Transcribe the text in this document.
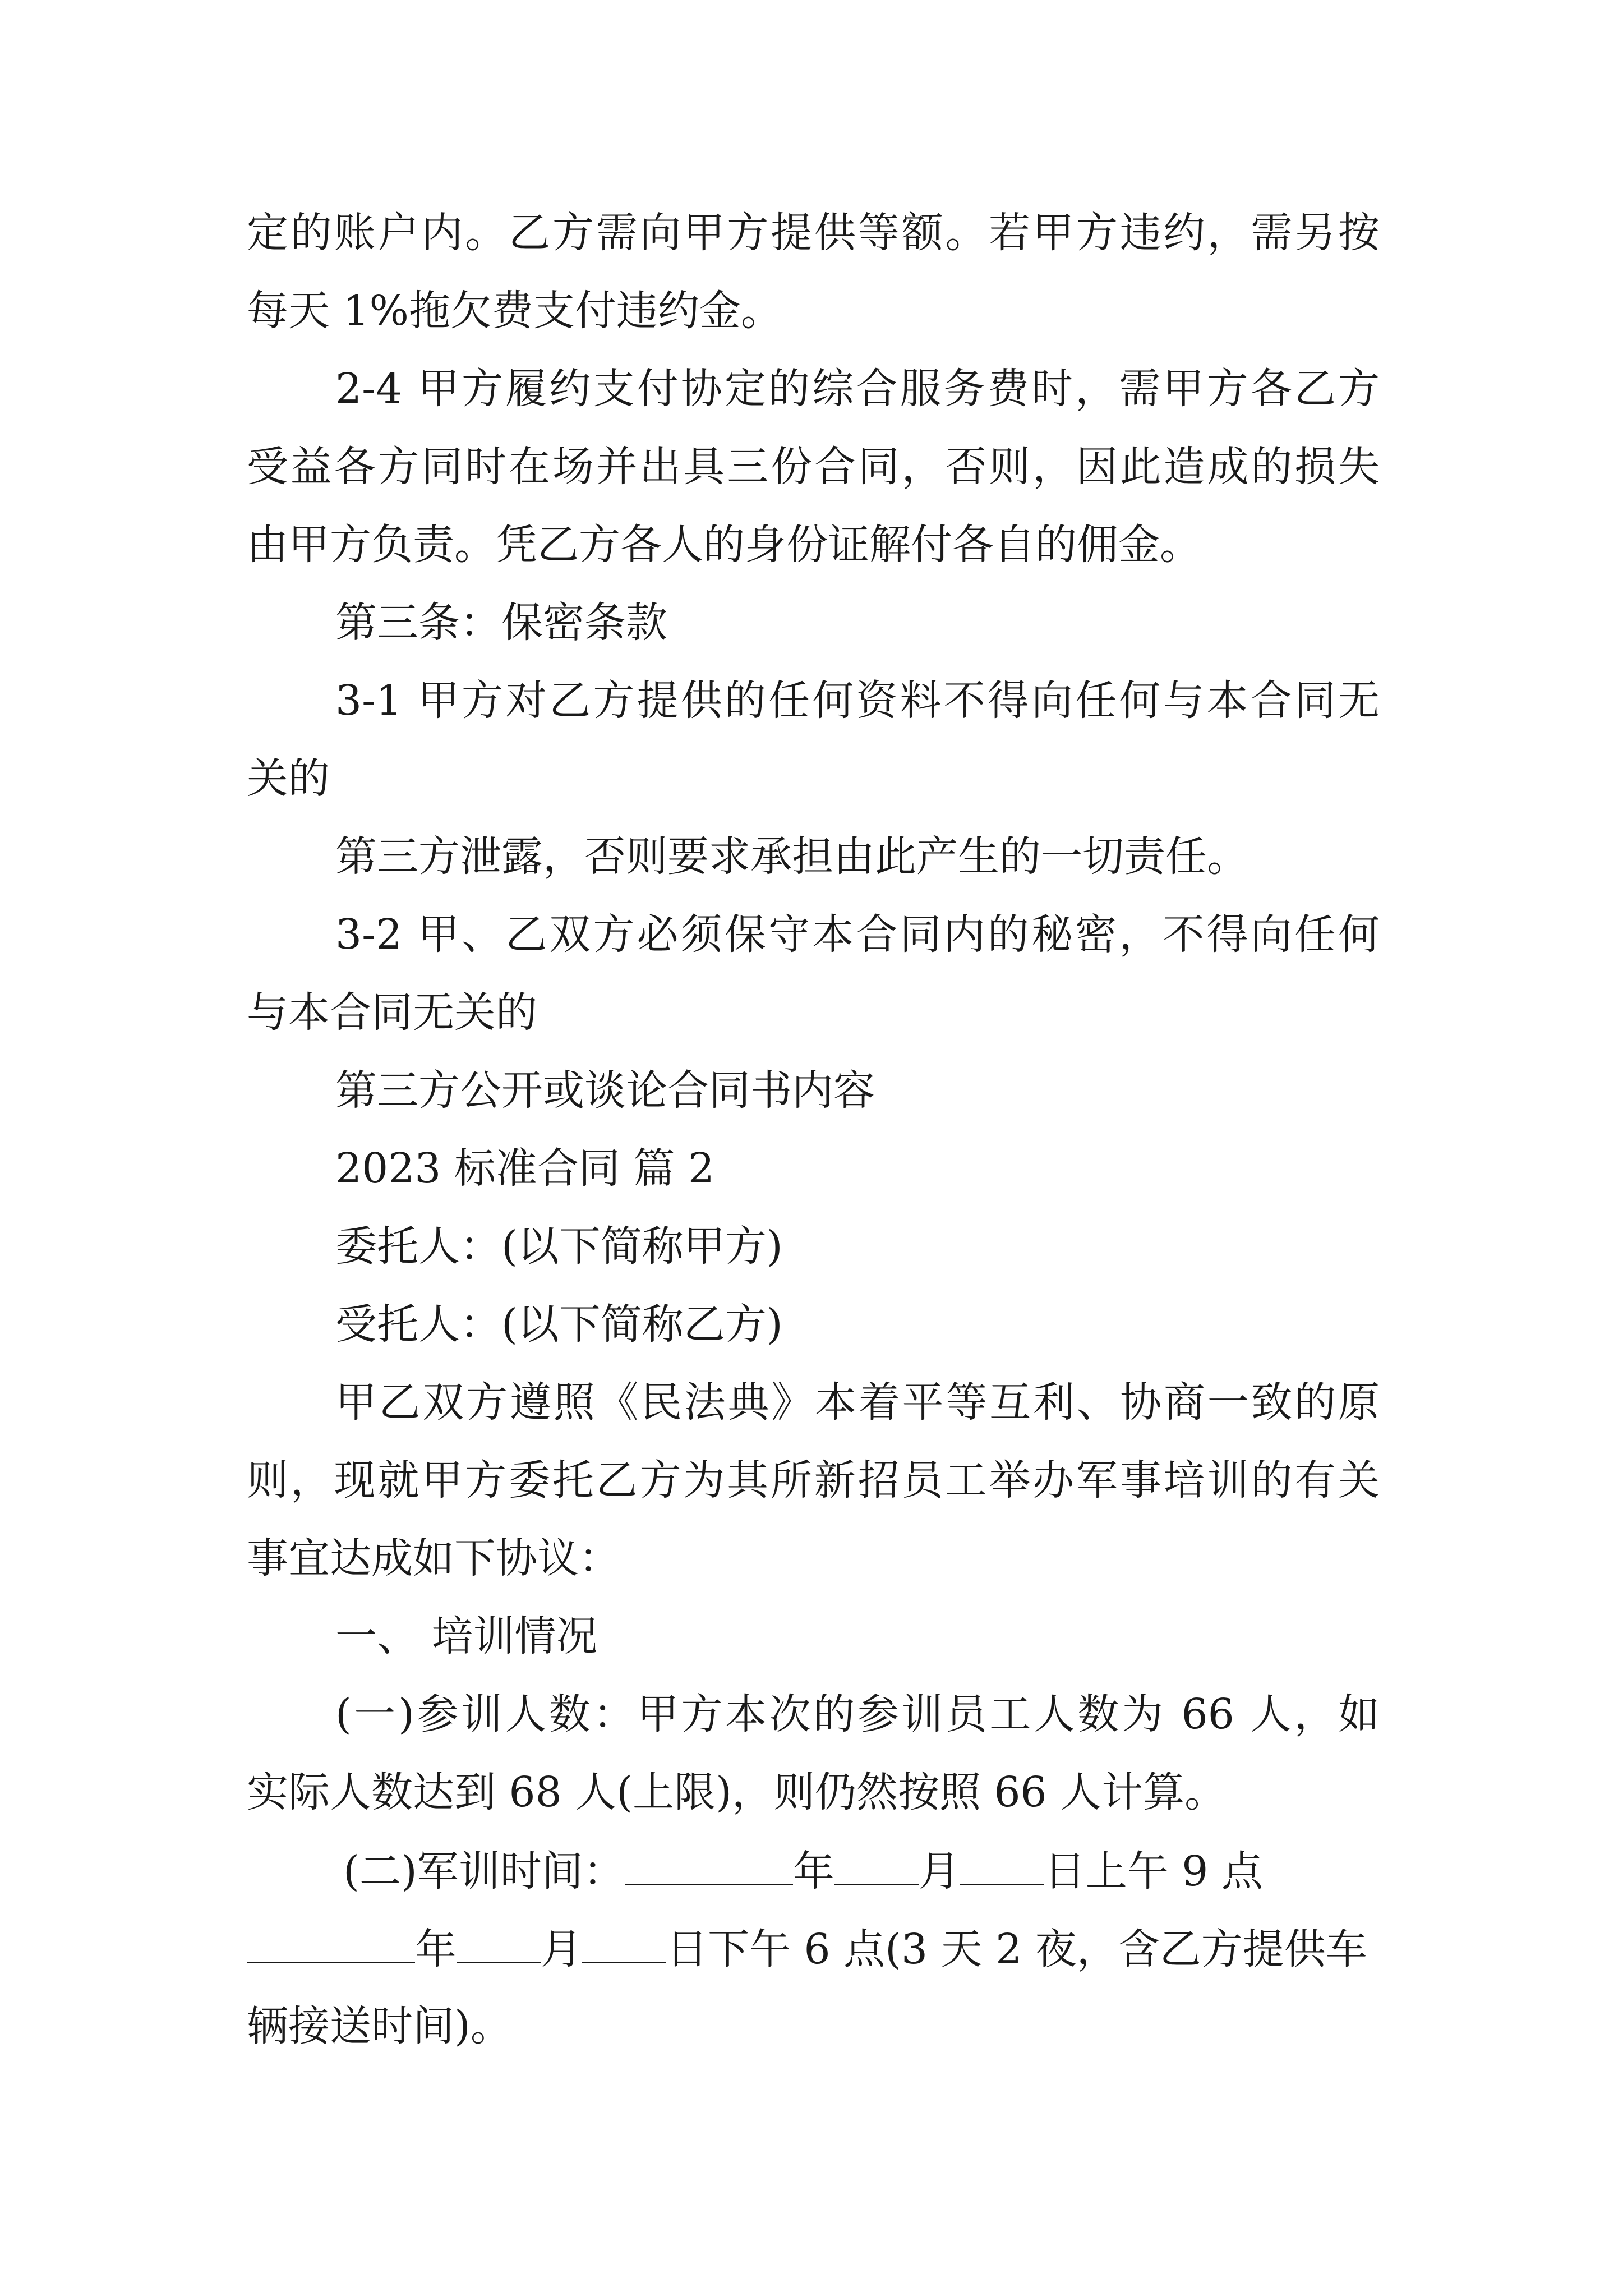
定的账户内。乙方需向甲方提供等额。若甲方违约，需另按
每天 1%拖欠费支付违约金。
2-4 甲方履约支付协定的综合服务费时，需甲方各乙方
受益各方同时在场并出具三份合同，否则，因此造成的损失
由甲方负责。凭乙方各人的身份证解付各自的佣金。
第三条：保密条款
3-1 甲方对乙方提供的任何资料不得向任何与本合同无
关的
第三方泄露，否则要求承担由此产生的一切责任。
3-2 甲、乙双方必须保守本合同内的秘密，不得向任何
与本合同无关的
第三方公开或谈论合同书内容
2023 标准合同 篇 2
委托人：(以下简称甲方)
受托人：(以下简称乙方)
甲乙双方遵照《民法典》本着平等互利、协商一致的原
则，现就甲方委托乙方为其所新招员工举办军事培训的有关
事宜达成如下协议：
一、 培训情况
(一)参训人数：甲方本次的参训员工人数为 66 人，如
实际人数达到 68 人(上限)，则仍然按照 66 人计算。
(二)军训时间：	年 月 日上午 9 点
年 月 日下午 6 点(3 天 2 夜，含乙方提供车
辆接送时间)。
